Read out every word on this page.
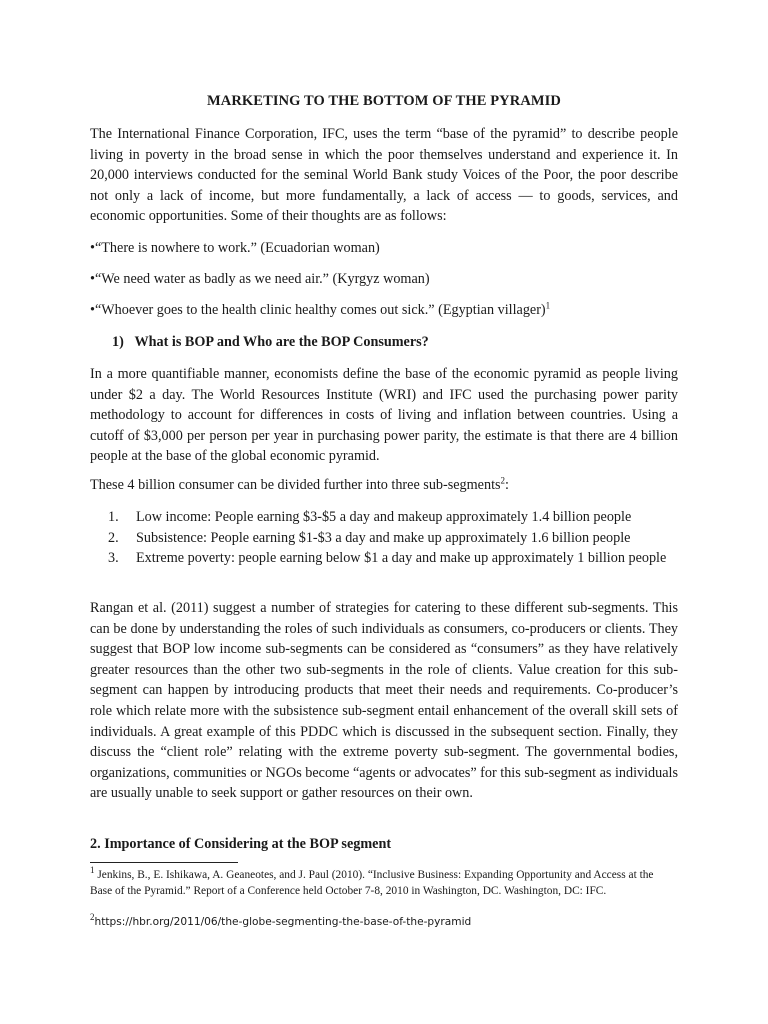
MARKETING TO THE BOTTOM OF THE PYRAMID

The International Finance Corporation, IFC, uses the term “base of the pyramid” to describe people living in poverty in the broad sense in which the poor themselves understand and experience it. In 20,000 interviews conducted for the seminal World Bank study Voices of the Poor, the poor describe not only a lack of income, but more fundamentally, a lack of access — to goods, services, and economic opportunities. Some of their thoughts are as follows:

•“There is nowhere to work.” (Ecuadorian woman)

•“We need water as badly as we need air.” (Kyrgyz woman)

•“Whoever goes to the health clinic healthy comes out sick.” (Egyptian villager)$^1$

1) What is BOP and Who are the BOP Consumers?

In a more quantifiable manner, economists define the base of the economic pyramid as people living under $2 a day. The World Resources Institute (WRI) and IFC used the purchasing power parity methodology to account for differences in costs of living and inflation between countries. Using a cutoff of $3,000 per person per year in purchasing power parity, the estimate is that there are 4 billion people at the base of the global economic pyramid.

These 4 billion consumer can be divided further into three sub-segments$^2$:

1. Low income: People earning $3-$5 a day and makeup approximately 1.4 billion people
2. Subsistence: People earning $1-$3 a day and make up approximately 1.6 billion people
3. Extreme poverty: people earning below $1 a day and make up approximately 1 billion people

Rangan et al. (2011) suggest a number of strategies for catering to these different sub-segments. This can be done by understanding the roles of such individuals as consumers, co-producers or clients. They suggest that BOP low income sub-segments can be considered as “consumers” as they have relatively greater resources than the other two sub-segments in the role of clients. Value creation for this sub-segment can happen by introducing products that meet their needs and requirements. Co-producer’s role which relate more with the subsistence sub-segment entail enhancement of the overall skill sets of individuals. A great example of this PDDC which is discussed in the subsequent section. Finally, they discuss the “client role” relating with the extreme poverty sub-segment. The governmental bodies, organizations, communities or NGOs become “agents or advocates” for this sub-segment as individuals are usually unable to seek support or gather resources on their own.

2. Importance of Considering at the BOP segment

$^1$ Jenkins, B., E. Ishikawa, A. Geaneotes, and J. Paul (2010). “Inclusive Business: Expanding Opportunity and Access at the Base of the Pyramid.” Report of a Conference held October 7-8, 2010 in Washington, DC. Washington, DC: IFC.

$^2$https://hbr.org/2011/06/the-globe-segmenting-the-base-of-the-pyramid
